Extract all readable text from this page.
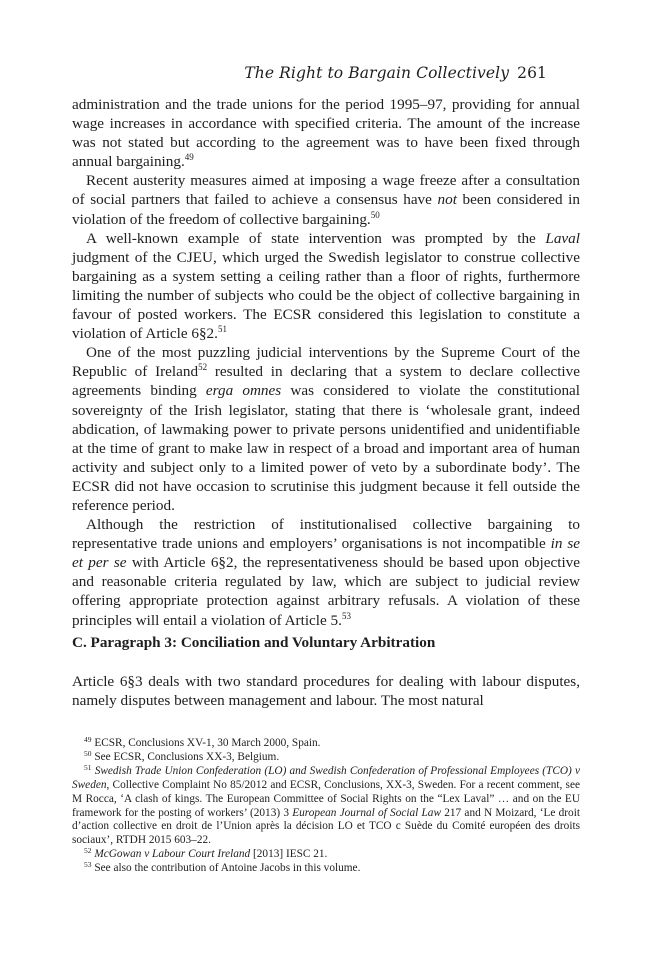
The Right to Bargain Collectively 261

administration and the trade unions for the period 1995–97, providing for annual wage increases in accordance with specified criteria. The amount of the increase was not stated but according to the agreement was to have been fixed through annual bargaining.$^{49}$

Recent austerity measures aimed at imposing a wage freeze after a consultation of social partners that failed to achieve a consensus have not been considered in violation of the freedom of collective bargaining.$^{50}$

A well-known example of state intervention was prompted by the Laval judgment of the CJEU, which urged the Swedish legislator to construe collective bargaining as a system setting a ceiling rather than a floor of rights, furthermore limiting the number of subjects who could be the object of collective bargaining in favour of posted workers. The ECSR considered this legislation to constitute a violation of Article 6§2.51

One of the most puzzling judicial interventions by the Supreme Court of the Republic of Ireland$^{52}$ resulted in declaring that a system to declare collective agreements binding erga omnes was considered to violate the constitutional sovereignty of the Irish legislator, stating that there is ‘wholesale grant, indeed abdication, of lawmaking power to private persons unidentified and unidentifiable at the time of grant to make law in respect of a broad and important area of human activity and subject only to a limited power of veto by a subordinate body’. The ECSR did not have occasion to scrutinise this judgment because it fell outside the reference period.

Although the restriction of institutionalised collective bargaining to representative trade unions and employers’ organisations is not incompatible in se et per se with Article 6§2, the representativeness should be based upon objective and reasonable criteria regulated by law, which are subject to judicial review offering appropriate protection against arbitrary refusals. A violation of these principles will entail a violation of Article 5.53

C. Paragraph 3: Conciliation and Voluntary Arbitration

Article 6§3 deals with two standard procedures for dealing with labour disputes, namely disputes between management and labour. The most natural

$^{49}$ ECSR, Conclusions XV-1, 30 March 2000, Spain.

$^{50}$ See ECSR, Conclusions XX-3, Belgium.

$^{51}$ Swedish Trade Union Confederation (LO) and Swedish Confederation of Professional Employees (TCO) v Sweden, Collective Complaint No 85/2012 and ECSR, Conclusions, XX-3, Sweden. For a recent comment, see M Rocca, ‘A clash of kings. The European Committee of Social Rights on the “Lex Laval” … and on the EU framework for the posting of workers’ (2013) 3 European Journal of Social Law 217 and N Moizard, ‘Le droit d’action collective en droit de l’Union après la décision LO et TCO c Suède du Comité européen des droits sociaux’, RTDH 2015 603–22.

$^{52}$ McGowan v Labour Court Ireland [2013] IESC 21.

$^{53}$ See also the contribution of Antoine Jacobs in this volume.
